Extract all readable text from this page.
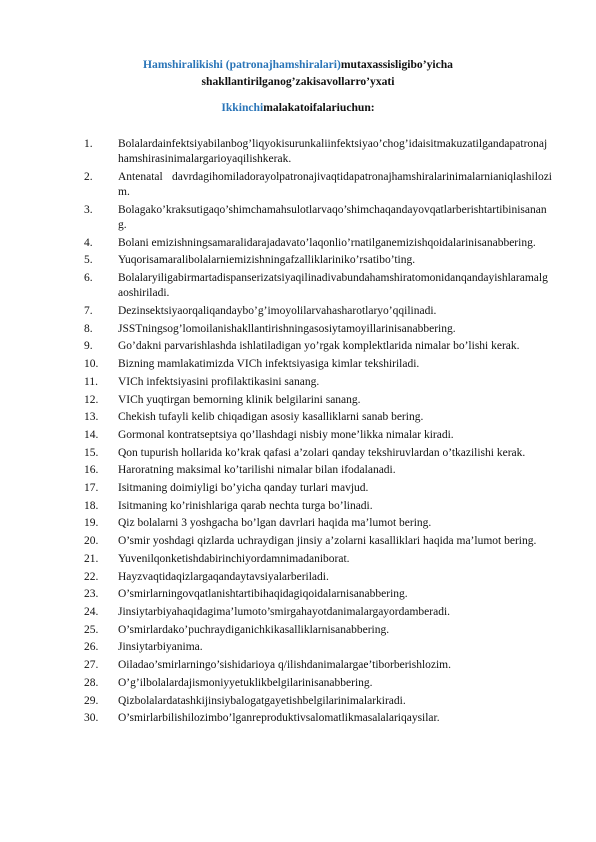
Hamshiralikishi (patronajhamshiralari)mutaxassisligibo’yicha
shakllantirilganog’zakisavollarro’yxati
Ikkinchimalakatoifalariuchun:
1.	Bolalardainfektsiyabilanbog’liqyokisurunkaliinfektsiyao’chog’idaisitmakuzatilgandapatronajhamshirasinimalargarioyaqilishkerak.
2.	Antenatal davrdagihomiladorayolpatronajivaqtidapatronajhamshiralarinimalarnianiqlashilozim.
3.	Bolagako’kraksutigaqo’shimchamahsulotlarvaqo’shimchaqandayovqatlarberishtartibinisanang.
4.	Bolani emizishningsamaralidarajadavato’laqonlio’rnatilganemizishqoidalarinisanabbering.
5.	Yuqorisamaralibolalarniemizishningafzalliklariniko’rsatibo’ting.
6.	Bolalaryiligabirmartadispanserizatsiyaqilinadivabundahamshiratomonidanqandayishlaramalgaoshiriladi.
7.	Dezinsektsiyaorqaliqandaybo’g’imoyolilarvahasharotlaryo’qqilinadi.
8.	JSSTningsog’lomoilanishakllantirishningasosiytamoyillarinisanabbering.
9.	Go’dakni parvarishlashda ishlatiladigan yo’rgak komplektlarida nimalar bo’lishi kerak.
10.	Bizning mamlakatimizda VICh infektsiyasiga kimlar tekshiriladi.
11.	VICh infektsiyasini profilaktikasini sanang.
12.	VICh yuqtirgan bemorning klinik belgilarini sanang.
13.	Chekish tufayli kelib chiqadigan asosiy kasalliklarni sanab bering.
14.	Gormonal kontratseptsiya qo’llashdagi nisbiy mone’likka nimalar kiradi.
15.	Qon tupurish hollarida ko’krak qafasi a’zolari qanday tekshiruvlardan o’tkazilishi kerak.
16.	Haroratning maksimal ko’tarilishi nimalar bilan ifodalanadi.
17.	Isitmaning doimiyligi bo’yicha qanday turlari mavjud.
18.	Isitmaning ko’rinishlariga qarab nechta turga bo’linadi.
19.	Qiz bolalarni 3 yoshgacha bo’lgan davrlari haqida ma’lumot bering.
20.	O’smir yoshdagi qizlarda uchraydigan jinsiy a’zolarni kasalliklari haqida ma’lumot bering.
21.	Yuvenilqonketishdabirinchiyordamnimadaniborat.
22.	Hayzvaqtidaqizlargaqandaytavsiyalarberiladi.
23.	O’smirlarningovqatlanishtartibihaqidagiqoidalarnisanabbering.
24.	Jinsiytarbiyahaqidagima’lumoto’smirgahayotdanimalargayordamberadi.
25.	O’smirlardako’puchraydiganichkikasalliklarnisanabbering.
26.	Jinsiytarbiyanima.
27.	Oiladao’smirlarningo’sishidarioya q/ilishdanimalargae’tiborberishlozim.
28.	O’g’ilbolalardajismoniyyetuklikbelgilarinisanabbering.
29.	Qizbolalardatashkijinsiybalogatgayetishbelgilarinimalarkiradi.
30.	O’smirlarbilishilozimbo’lganreproduktivsalomatlikmasalalariqaysilar.
